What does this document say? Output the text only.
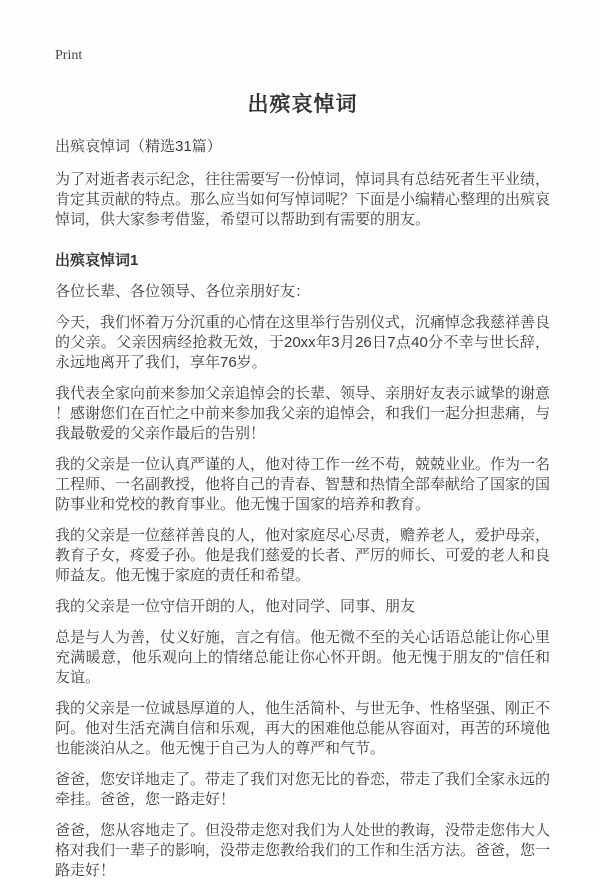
Print
出殡哀悼词
出殡哀悼词（精选31篇）

为了对逝者表示纪念，往往需要写一份悼词，悼词具有总结死者生平业绩，肯定其贡献的特点。那么应当如何写悼词呢？下面是小编精心整理的出殡哀悼词，供大家参考借鉴，希望可以帮助到有需要的朋友。

出殡哀悼词1

各位长辈、各位领导、各位亲朋好友：

今天，我们怀着万分沉重的心情在这里举行告别仪式，沉痛悼念我慈祥善良的父亲。父亲因病经抢救无效，于20xx年3月26日7点40分不幸与世长辞，永远地离开了我们，享年76岁。

我代表全家向前来参加父亲追悼会的长辈、领导、亲朋好友表示诚挚的谢意！感谢您们在百忙之中前来参加我父亲的追悼会，和我们一起分担悲痛，与我最敬爱的父亲作最后的告别！

我的父亲是一位认真严谨的人，他对待工作一丝不苟，兢兢业业。作为一名工程师、一名副教授，他将自己的青春、智慧和热情全部奉献给了国家的国防事业和党校的教育事业。他无愧于国家的培养和教育。

我的父亲是一位慈祥善良的人，他对家庭尽心尽责，赡养老人，爱护母亲，教育子女，疼爱子孙。他是我们慈爱的长者、严厉的师长、可爱的老人和良师益友。他无愧于家庭的责任和希望。

我的父亲是一位守信开朗的人，他对同学、同事、朋友

总是与人为善，仗义好施，言之有信。他无微不至的关心话语总能让你心里充满暖意，他乐观向上的情绪总能让你心怀开朗。他无愧于朋友的"信任和友谊。

我的父亲是一位诚恳厚道的人，他生活简朴、与世无争、性格坚强、刚正不阿。他对生活充满自信和乐观，再大的困难他总能从容面对，再苦的环境他也能淡泊从之。他无愧于自己为人的尊严和气节。

爸爸，您安详地走了。带走了我们对您无比的眷恋，带走了我们全家永远的牵挂。爸爸，您一路走好！

爸爸，您从容地走了。但没带走您对我们为人处世的教诲，没带走您伟大人格对我们一辈子的影响，没带走您教给我们的工作和生活方法。爸爸，您一路走好！
